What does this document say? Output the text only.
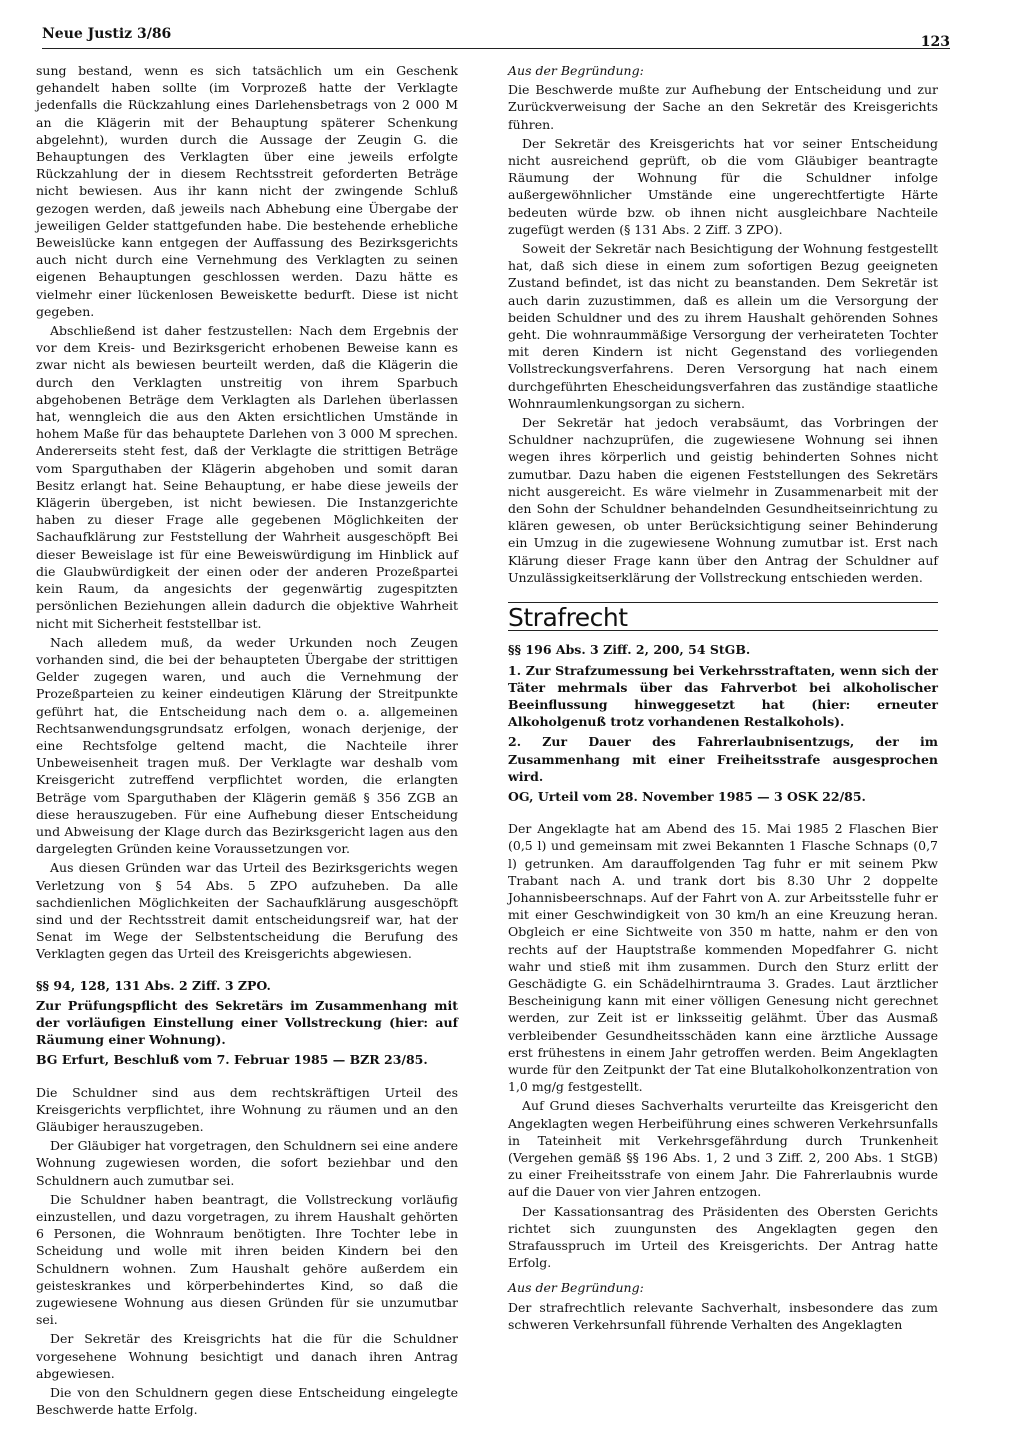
Neue Justiz 3/86	123

sung bestand, wenn es sich tatsächlich um ein Geschenk gehandelt haben sollte (im Vorprozeß hatte der Verklagte jedenfalls die Rückzahlung eines Darlehensbetrags von 2 000 M an die Klägerin mit der Behauptung späterer Schenkung abgelehnt), wurden durch die Aussage der Zeugin G. die Behauptungen des Verklagten über eine jeweils erfolgte Rückzahlung der in diesem Rechtsstreit geforderten Beträge nicht bewiesen. Aus ihr kann nicht der zwingende Schluß gezogen werden, daß jeweils nach Abhebung eine Übergabe der jeweiligen Gelder stattgefunden habe. Die bestehende erhebliche Beweislücke kann entgegen der Auffassung des Bezirksgerichts auch nicht durch eine Vernehmung des Verklagten zu seinen eigenen Behauptungen geschlossen werden. Dazu hätte es vielmehr einer lückenlosen Beweiskette bedurft. Diese ist nicht gegeben.

Abschließend ist daher festzustellen: Nach dem Ergebnis der vor dem Kreis- und Bezirksgericht erhobenen Beweise kann es zwar nicht als bewiesen beurteilt werden, daß die Klägerin die durch den Verklagten unstreitig von ihrem Sparbuch abgehobenen Beträge dem Verklagten als Darlehen überlassen hat, wenngleich die aus den Akten ersichtlichen Umstände in hohem Maße für das behauptete Darlehen von 3 000 M sprechen. Andererseits steht fest, daß der Verklagte die strittigen Beträge vom Sparguthaben der Klägerin abgehoben und somit daran Besitz erlangt hat. Seine Behauptung, er habe diese jeweils der Klägerin übergeben, ist nicht bewiesen. Die Instanzgerichte haben zu dieser Frage alle gegebenen Möglichkeiten der Sachaufklärung zur Feststellung der Wahrheit ausgeschöpft Bei dieser Beweislage ist für eine Beweiswürdigung im Hinblick auf die Glaubwürdigkeit der einen oder der anderen Prozeßpartei kein Raum, da angesichts der gegenwärtig zugespitzten persönlichen Beziehungen allein dadurch die objektive Wahrheit nicht mit Sicherheit feststellbar ist.

Nach alledem muß, da weder Urkunden noch Zeugen vorhanden sind, die bei der behaupteten Übergabe der strittigen Gelder zugegen waren, und auch die Vernehmung der Prozeßparteien zu keiner eindeutigen Klärung der Streitpunkte geführt hat, die Entscheidung nach dem o. a. allgemeinen Rechtsanwendungsgrundsatz erfolgen, wonach derjenige, der eine Rechtsfolge geltend macht, die Nachteile ihrer Unbeweisenheit tragen muß. Der Verklagte war deshalb vom Kreisgericht zutreffend verpflichtet worden, die erlangten Beträge vom Sparguthaben der Klägerin gemäß § 356 ZGB an diese herauszugeben. Für eine Aufhebung dieser Entscheidung und Abweisung der Klage durch das Bezirksgericht lagen aus den dargelegten Gründen keine Voraussetzungen vor.

Aus diesen Gründen war das Urteil des Bezirksgerichts wegen Verletzung von § 54 Abs. 5 ZPO aufzuheben. Da alle sachdienlichen Möglichkeiten der Sachaufklärung ausgeschöpft sind und der Rechtsstreit damit entscheidungsreif war, hat der Senat im Wege der Selbstentscheidung die Berufung des Verklagten gegen das Urteil des Kreisgerichts abgewiesen.

§§ 94, 128, 131 Abs. 2 Ziff. 3 ZPO.

Zur Prüfungspflicht des Sekretärs im Zusammenhang mit der vorläufigen Einstellung einer Vollstreckung (hier: auf Räumung einer Wohnung).

BG Erfurt, Beschluß vom 7. Februar 1985 — BZR 23/85.

Die Schuldner sind aus dem rechtskräftigen Urteil des Kreisgerichts verpflichtet, ihre Wohnung zu räumen und an den Gläubiger herauszugeben.

Der Gläubiger hat vorgetragen, den Schuldnern sei eine andere Wohnung zugewiesen worden, die sofort beziehbar und den Schuldnern auch zumutbar sei.

Die Schuldner haben beantragt, die Vollstreckung vorläufig einzustellen, und dazu vorgetragen, zu ihrem Haushalt gehörten 6 Personen, die Wohnraum benötigten. Ihre Tochter lebe in Scheidung und wolle mit ihren beiden Kindern bei den Schuldnern wohnen. Zum Haushalt gehöre außerdem ein geisteskrankes und körperbehindertes Kind, so daß die zugewiesene Wohnung aus diesen Gründen für sie unzumutbar sei.

Der Sekretär des Kreisgrichts hat die für die Schuldner vorgesehene Wohnung besichtigt und danach ihren Antrag abgewiesen.

Die von den Schuldnern gegen diese Entscheidung eingelegte Beschwerde hatte Erfolg.

Aus der Begründung:

Die Beschwerde mußte zur Aufhebung der Entscheidung und zur Zurückverweisung der Sache an den Sekretär des Kreisgerichts führen.

Der Sekretär des Kreisgerichts hat vor seiner Entscheidung nicht ausreichend geprüft, ob die vom Gläubiger beantragte Räumung der Wohnung für die Schuldner infolge außergewöhnlicher Umstände eine ungerechtfertigte Härte bedeuten würde bzw. ob ihnen nicht ausgleichbare Nachteile zugefügt werden (§ 131 Abs. 2 Ziff. 3 ZPO).

Soweit der Sekretär nach Besichtigung der Wohnung festgestellt hat, daß sich diese in einem zum sofortigen Bezug geeigneten Zustand befindet, ist das nicht zu beanstanden. Dem Sekretär ist auch darin zuzustimmen, daß es allein um die Versorgung der beiden Schuldner und des zu ihrem Haushalt gehörenden Sohnes geht. Die wohnraummäßige Versorgung der verheirateten Tochter mit deren Kindern ist nicht Gegenstand des vorliegenden Vollstreckungsverfahrens. Deren Versorgung hat nach einem durchgeführten Ehescheidungsverfahren das zuständige staatliche Wohnraumlenkungsorgan zu sichern.

Der Sekretär hat jedoch verabsäumt, das Vorbringen der Schuldner nachzuprüfen, die zugewiesene Wohnung sei ihnen wegen ihres körperlich und geistig behinderten Sohnes nicht zumutbar. Dazu haben die eigenen Feststellungen des Sekretärs nicht ausgereicht. Es wäre vielmehr in Zusammenarbeit mit der den Sohn der Schuldner behandelnden Gesundheitseinrichtung zu klären gewesen, ob unter Berücksichtigung seiner Behinderung ein Umzug in die zugewiesene Wohnung zumutbar ist. Erst nach Klärung dieser Frage kann über den Antrag der Schuldner auf Unzulässigkeitserklärung der Vollstreckung entschieden werden.

Strafrecht

§§ 196 Abs. 3 Ziff. 2, 200, 54 StGB.

1. Zur Strafzumessung bei Verkehrsstraftaten, wenn sich der Täter mehrmals über das Fahrverbot bei alkoholischer Beeinflussung hinweggesetzt hat (hier: erneuter Alkoholgenuß trotz vorhandenen Restalkohols).

2. Zur Dauer des Fahrerlaubnisentzugs, der im Zusammenhang mit einer Freiheitsstrafe ausgesprochen wird.

OG, Urteil vom 28. November 1985 — 3 OSK 22/85.

Der Angeklagte hat am Abend des 15. Mai 1985 2 Flaschen Bier (0,5 l) und gemeinsam mit zwei Bekannten 1 Flasche Schnaps (0,7 l) getrunken. Am darauffolgenden Tag fuhr er mit seinem Pkw Trabant nach A. und trank dort bis 8.30 Uhr 2 doppelte Johannisbeerschnaps. Auf der Fahrt von A. zur Arbeitsstelle fuhr er mit einer Geschwindigkeit von 30 km/h an eine Kreuzung heran. Obgleich er eine Sichtweite von 350 m hatte, nahm er den von rechts auf der Hauptstraße kommenden Mopedfahrer G. nicht wahr und stieß mit ihm zusammen. Durch den Sturz erlitt der Geschädigte G. ein Schädelhirntrauma 3. Grades. Laut ärztlicher Bescheinigung kann mit einer völligen Genesung nicht gerechnet werden, zur Zeit ist er linksseitig gelähmt. Über das Ausmaß verbleibender Gesundheitsschäden kann eine ärztliche Aussage erst frühestens in einem Jahr getroffen werden. Beim Angeklagten wurde für den Zeitpunkt der Tat eine Blutalkoholkonzentration von 1,0 mg/g festgestellt.

Auf Grund dieses Sachverhalts verurteilte das Kreisgericht den Angeklagten wegen Herbeiführung eines schweren Verkehrsunfalls in Tateinheit mit Verkehrsgefährdung durch Trunkenheit (Vergehen gemäß §§ 196 Abs. 1, 2 und 3 Ziff. 2, 200 Abs. 1 StGB) zu einer Freiheitsstrafe von einem Jahr. Die Fahrerlaubnis wurde auf die Dauer von vier Jahren entzogen.

Der Kassationsantrag des Präsidenten des Obersten Gerichts richtet sich zuungunsten des Angeklagten gegen den Strafausspruch im Urteil des Kreisgerichts. Der Antrag hatte Erfolg.

Aus der Begründung:

Der strafrechtlich relevante Sachverhalt, insbesondere das zum schweren Verkehrsunfall führende Verhalten des Angeklagten
